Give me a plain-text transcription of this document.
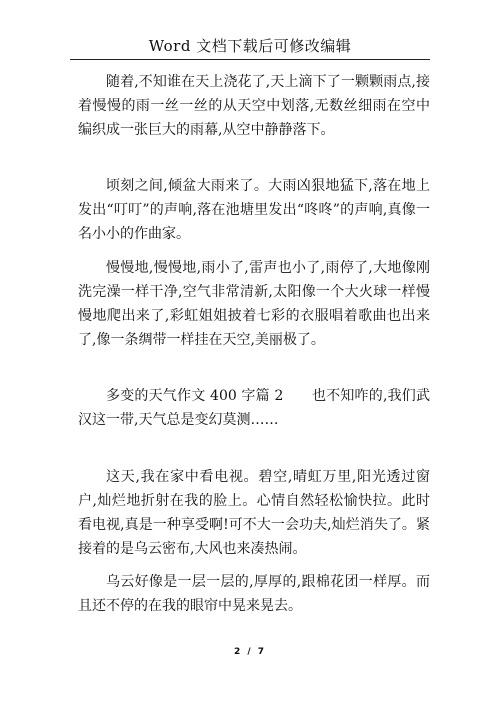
Word 文档下载后可修改编辑

随着,不知谁在天上浇花了,天上滴下了一颗颗雨点,接着慢慢的雨一丝一丝的从天空中划落,无数丝细雨在空中编织成一张巨大的雨幕,从空中静静落下。

顷刻之间,倾盆大雨来了。大雨凶狠地猛下,落在地上发出“叮叮”的声响,落在池塘里发出“咚咚”的声响,真像一名小小的作曲家。

慢慢地,慢慢地,雨小了,雷声也小了,雨停了,大地像刚洗完澡一样干净,空气非常清新,太阳像一个大火球一样慢慢地爬出来了,彩虹姐姐披着七彩的衣服唱着歌曲也出来了,像一条绸带一样挂在天空,美丽极了。

多变的天气作文 400 字篇 2　　也不知咋的,我们武汉这一带,天气总是变幻莫测……

这天,我在家中看电视。碧空,晴虹万里,阳光透过窗户,灿烂地折射在我的脸上。心情自然轻松愉快拉。此时看电视,真是一种享受啊!可不大一会功夫,灿烂消失了。紧接着的是乌云密布,大风也来凑热闹。

乌云好像是一层一层的,厚厚的,跟棉花团一样厚。而且还不停的在我的眼帘中晃来晃去。

2 / 7
